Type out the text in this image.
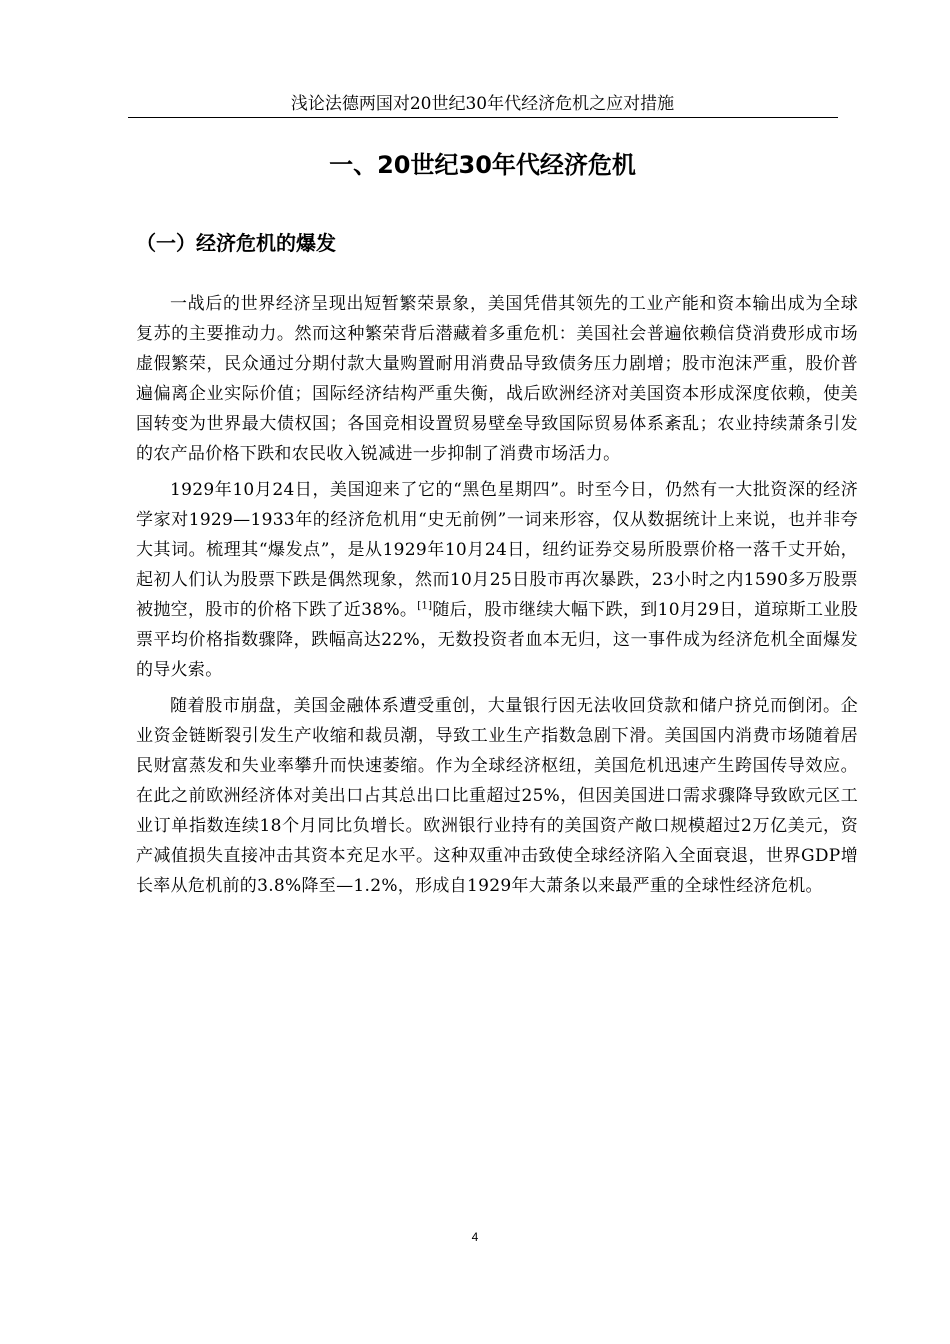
浅论法德两国对20世纪30年代经济危机之应对措施
一、20世纪30年代经济危机
（一）经济危机的爆发

一战后的世界经济呈现出短暂繁荣景象，美国凭借其领先的工业产能和资本输出成为全球复苏的主要推动力。然而这种繁荣背后潜藏着多重危机：美国社会普遍依赖信贷消费形成市场虚假繁荣，民众通过分期付款大量购置耐用消费品导致债务压力剧增；股市泡沫严重，股价普遍偏离企业实际价值；国际经济结构严重失衡，战后欧洲经济对美国资本形成深度依赖，使美国转变为世界最大债权国；各国竞相设置贸易壁垒导致国际贸易体系紊乱；农业持续萧条引发的农产品价格下跌和农民收入锐减进一步抑制了消费市场活力。

1929年10月24日，美国迎来了它的“黑色星期四”。时至今日，仍然有一大批资深的经济学家对1929—1933年的经济危机用“史无前例”一词来形容，仅从数据统计上来说，也并非夸大其词。梳理其“爆发点”，是从1929年10月24日，纽约证券交易所股票价格一落千丈开始，起初人们认为股票下跌是偶然现象，然而10月25日股市再次暴跌，23小时之内1590多万股票被抛空，股市的价格下跌了近38%。[1]随后，股市继续大幅下跌，到10月29日，道琼斯工业股票平均价格指数骤降，跌幅高达22%，无数投资者血本无归，这一事件成为经济危机全面爆发的导火索。

随着股市崩盘，美国金融体系遭受重创，大量银行因无法收回贷款和储户挤兑而倒闭。企业资金链断裂引发生产收缩和裁员潮，导致工业生产指数急剧下滑。美国国内消费市场随着居民财富蒸发和失业率攀升而快速萎缩。作为全球经济枢纽，美国危机迅速产生跨国传导效应。在此之前欧洲经济体对美出口占其总出口比重超过25%，但因美国进口需求骤降导致欧元区工业订单指数连续18个月同比负增长。欧洲银行业持有的美国资产敞口规模超过2万亿美元，资产减值损失直接冲击其资本充足水平。这种双重冲击致使全球经济陷入全面衰退，世界GDP增长率从危机前的3.8%降至—1.2%，形成自1929年大萧条以来最严重的全球性经济危机。

4
